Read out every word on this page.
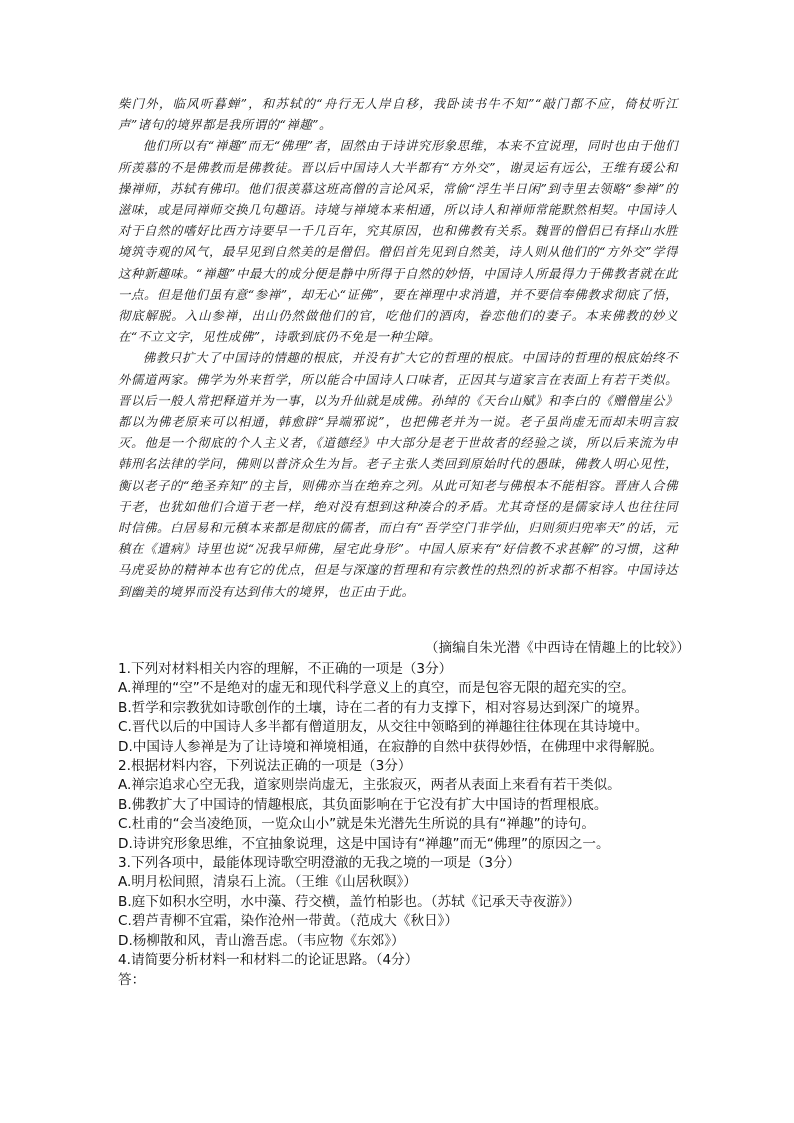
柴门外，临风听暮蝉”，和苏轼的“舟行无人岸自移，我卧读书牛不知”“敲门都不应，倚杖听江声”诸句的境界都是我所谓的“禅趣”。

他们所以有“禅趣”而无“佛理”者，固然由于诗讲究形象思维，本来不宜说理，同时也由于他们所羡慕的不是佛教而是佛教徒。晋以后中国诗人大半都有“方外交”，谢灵运有远公，王维有瑗公和操禅师，苏轼有佛印。他们很羡慕这班高僧的言论风采，常偷“浮生半日闲”到寺里去领略“参禅”的滋味，或是同禅师交换几句趣语。诗境与禅境本来相通，所以诗人和禅师常能默然相契。中国诗人对于自然的嗜好比西方诗要早一千几百年，究其原因，也和佛教有关系。魏晋的僧侣已有择山水胜境筑寺观的风气，最早见到自然美的是僧侣。僧侣首先见到自然美，诗人则从他们的“方外交”学得这种新趣味。“禅趣”中最大的成分便是静中所得于自然的妙悟，中国诗人所最得力于佛教者就在此一点。但是他们虽有意“参禅”，却无心“证佛”，要在禅理中求消遣，并不要信奉佛教求彻底了悟，彻底解脱。入山参禅，出山仍然做他们的官，吃他们的酒肉，眷恋他们的妻子。本来佛教的妙义在“不立文字，见性成佛”，诗歌到底仍不免是一种尘障。

佛教只扩大了中国诗的情趣的根底，并没有扩大它的哲理的根底。中国诗的哲理的根底始终不外儒道两家。佛学为外来哲学，所以能合中国诗人口味者，正因其与道家言在表面上有若干类似。晋以后一般人常把释道并为一事，以为升仙就是成佛。孙绰的《天台山赋》和李白的《赠僧崖公》都以为佛老原来可以相通，韩愈辟“异端邪说”，也把佛老并为一说。老子虽尚虚无而却未明言寂灭。他是一个彻底的个人主义者，《道德经》中大部分是老于世故者的经验之谈，所以后来流为申韩刑名法律的学问，佛则以普济众生为旨。老子主张人类回到原始时代的愚昧，佛教人明心见性，衡以老子的“绝圣弃知”的主旨，则佛亦当在绝弃之列。从此可知老与佛根本不能相容。晋唐人合佛于老，也犹如他们合道于老一样，绝对没有想到这种凑合的矛盾。尤其奇怪的是儒家诗人也往往同时信佛。白居易和元稹本来都是彻底的儒者，而白有“吾学空门非学仙，归则须归兜率天”的话，元稹在《遣病》诗里也说“况我早师佛，屋宅此身形”。中国人原来有“好信教不求甚解”的习惯，这种马虎妥协的精神本也有它的优点，但是与深邃的哲理和有宗教性的热烈的祈求都不相容。中国诗达到幽美的境界而没有达到伟大的境界，也正由于此。

（摘编自朱光潜《中西诗在情趣上的比较》）
1.下列对材料相关内容的理解，不正确的一项是（3分）
A.禅理的“空”不是绝对的虚无和现代科学意义上的真空，而是包容无限的超充实的空。
B.哲学和宗教犹如诗歌创作的土壤，诗在二者的有力支撑下，相对容易达到深广的境界。
C.晋代以后的中国诗人多半都有僧道朋友，从交往中领略到的禅趣往往体现在其诗境中。
D.中国诗人参禅是为了让诗境和禅境相通，在寂静的自然中获得妙悟，在佛理中求得解脱。
2.根据材料内容，下列说法正确的一项是（3分）
A.禅宗追求心空无我，道家则崇尚虚无，主张寂灭，两者从表面上来看有若干类似。
B.佛教扩大了中国诗的情趣根底，其负面影响在于它没有扩大中国诗的哲理根底。
C.杜甫的“会当凌绝顶，一览众山小”就是朱光潜先生所说的具有“禅趣”的诗句。
D.诗讲究形象思维，不宜抽象说理，这是中国诗有“禅趣”而无“佛理”的原因之一。
3.下列各项中，最能体现诗歌空明澄澈的无我之境的一项是（3分）
A.明月松间照，清泉石上流。（王维《山居秋暝》）
B.庭下如积水空明，水中藻、荇交横，盖竹柏影也。（苏轼《记承天寺夜游》）
C.碧芦青柳不宜霜，染作沧州一带黄。（范成大《秋日》）
D.杨柳散和风，青山澹吾虑。（韦应物《东郊》）
4.请简要分析材料一和材料二的论证思路。（4分）
答：
